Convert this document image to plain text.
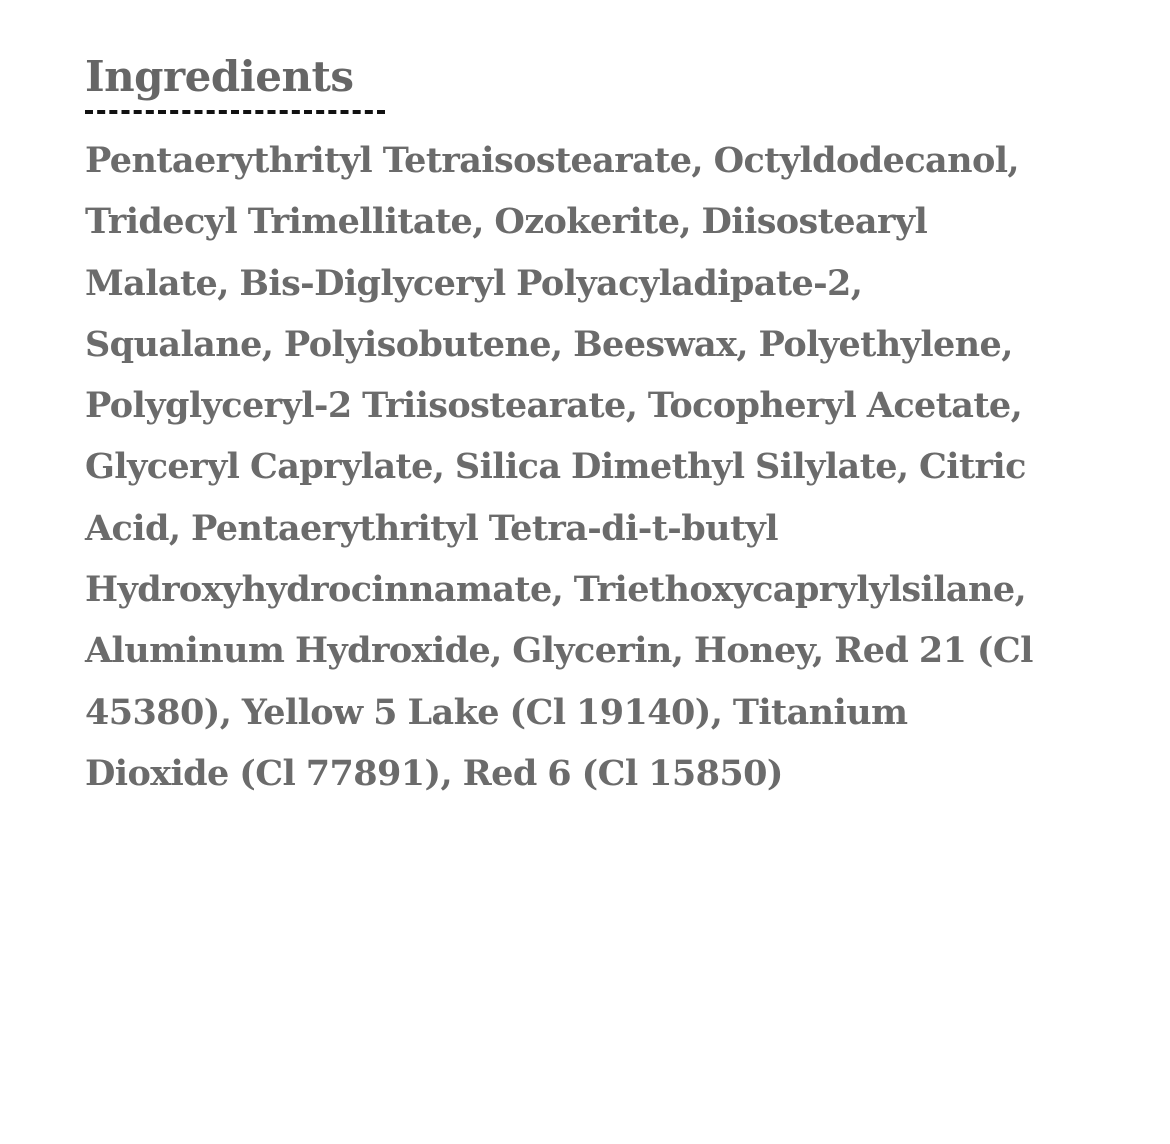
Ingredients

Pentaerythrityl Tetraisostearate, Octyldodecanol, Tridecyl Trimellitate, Ozokerite, Diisostearyl Malate, Bis-Diglyceryl Polyacyladipate-2, Squalane, Polyisobutene, Beeswax, Polyethylene, Polyglyceryl-2 Triisostearate, Tocopheryl Acetate, Glyceryl Caprylate, Silica Dimethyl Silylate, Citric Acid, Pentaerythrityl Tetra-di-t-butyl Hydroxyhydrocinnamate, Triethoxycaprylylsilane, Aluminum Hydroxide, Glycerin, Honey, Red 21 (Cl 45380), Yellow 5 Lake (Cl 19140), Titanium Dioxide (Cl 77891), Red 6 (Cl 15850)
